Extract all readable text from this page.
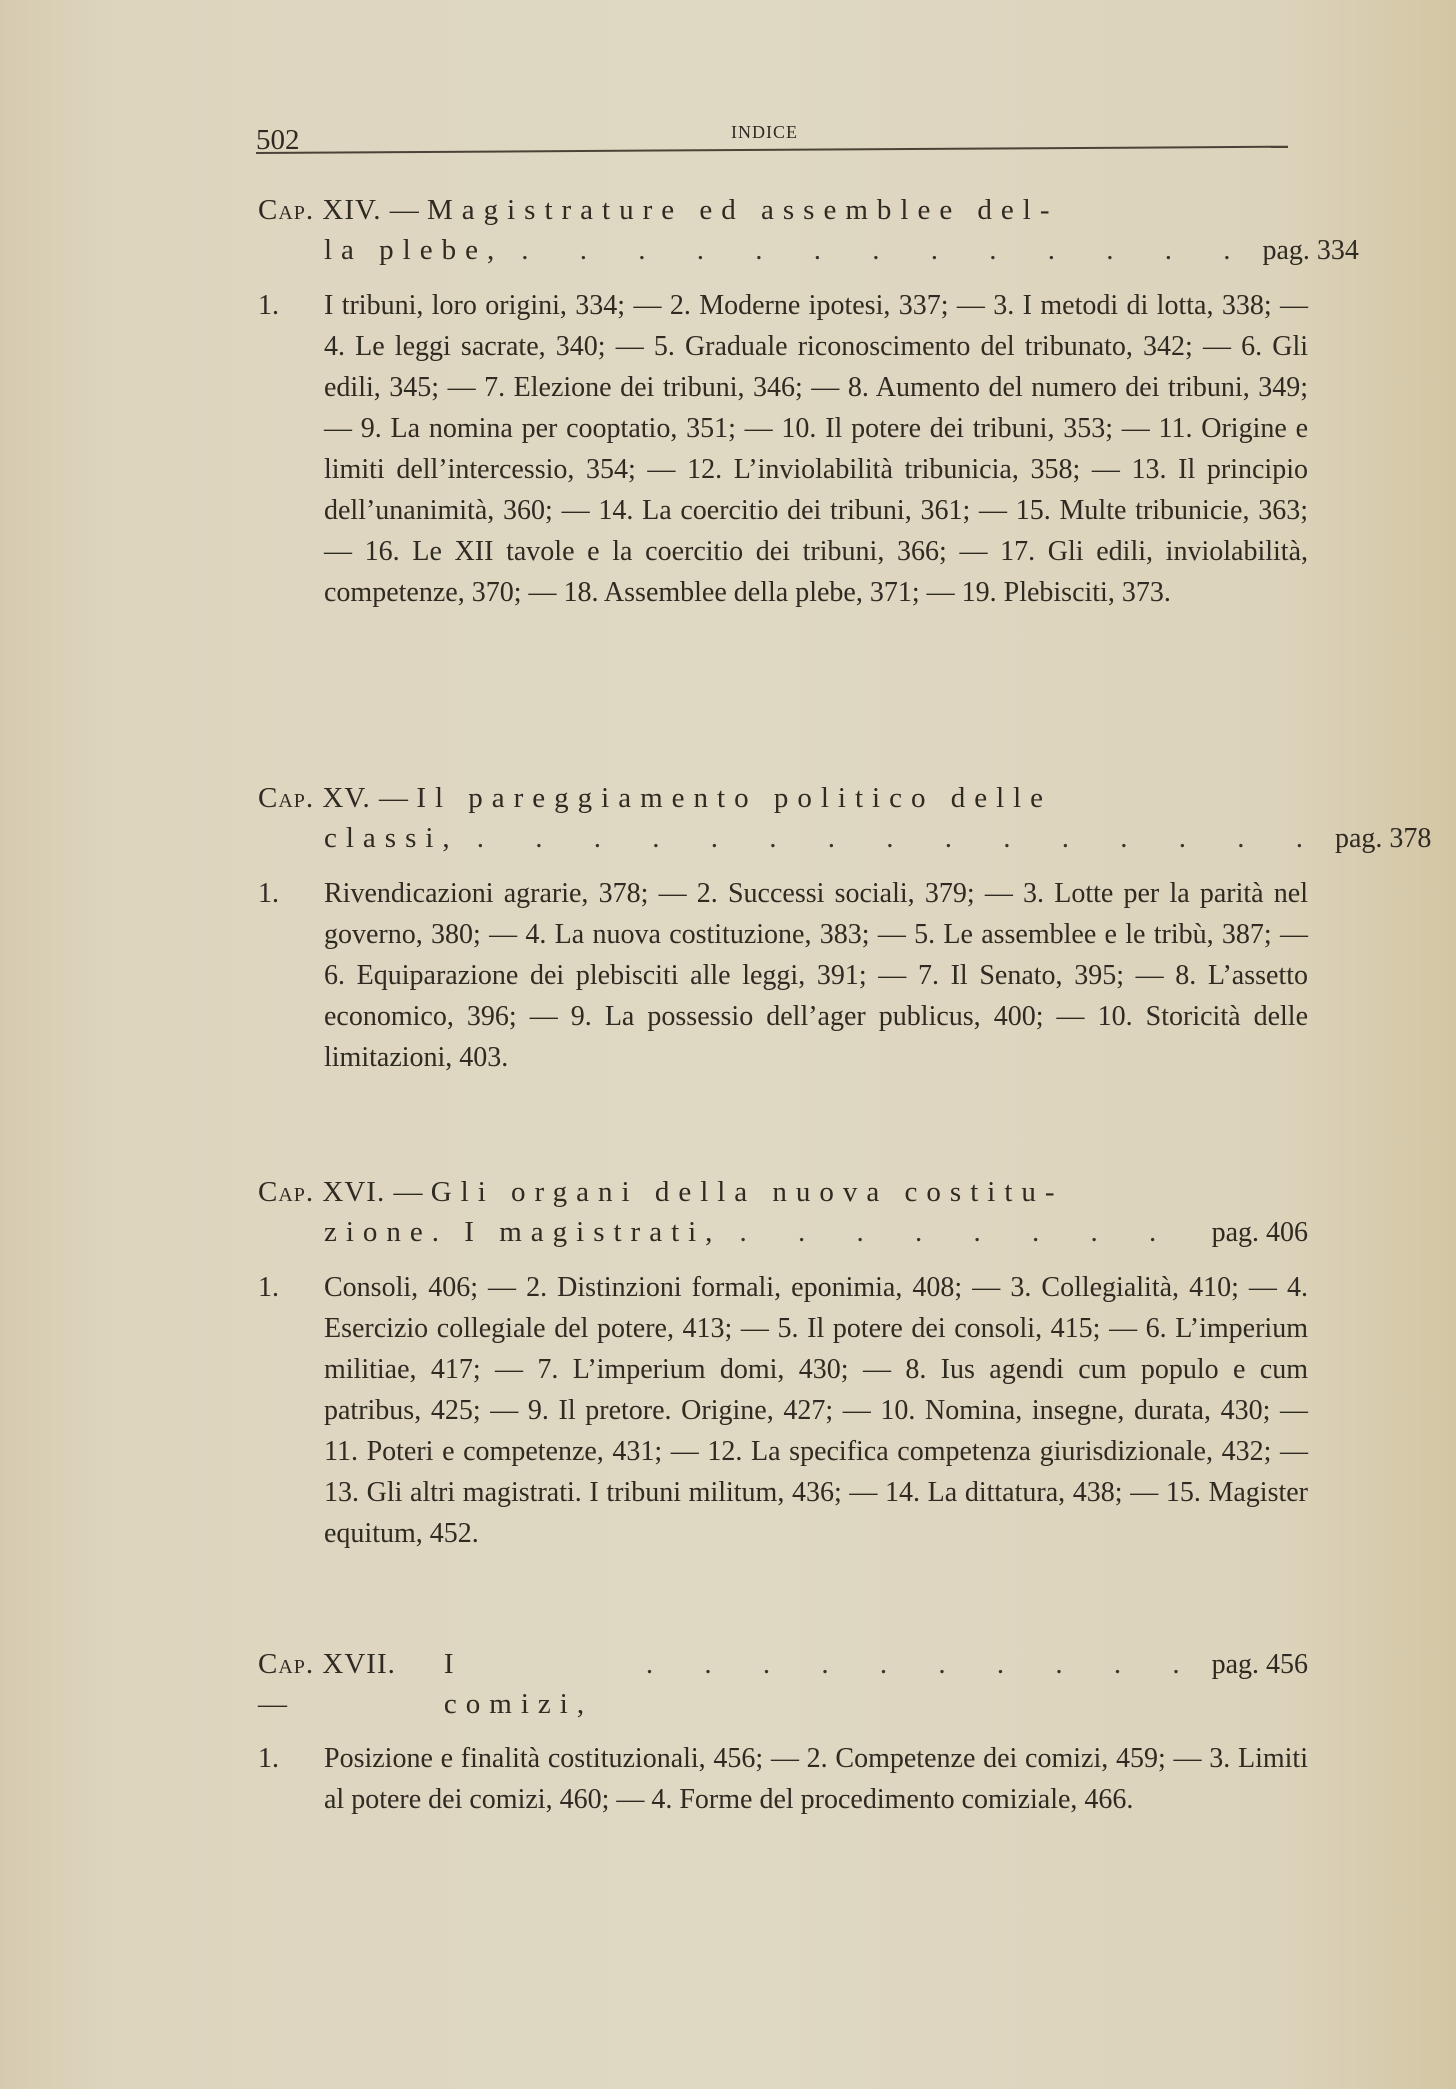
502	INDICE
Cap. XIV. — Magistrature ed assemblee del-
la plebe, . . . . . . . . . . . . . pag. 334
1. I tribuni, loro origini, 334; — 2. Moderne ipotesi, 337; — 3. I metodi di lotta, 338; — 4. Le leggi sacrate, 340; — 5. Graduale riconoscimento del tribunato, 342; — 6. Gli edili, 345; — 7. Elezione dei tribuni, 346; — 8. Aumento del numero dei tribuni, 349; — 9. La nomina per cooptatio, 351; — 10. Il potere dei tribuni, 353; — 11. Origine e limiti dell’intercessio, 354; — 12. L’inviolabilità tribunicia, 358; — 13. Il principio dell’unanimità, 360; — 14. La coercitio dei tribuni, 361; — 15. Multe tribunicie, 363; — 16. Le XII tavole e la coercitio dei tribuni, 366; — 17. Gli edili, inviolabilità, competenze, 370; — 18. Assemblee della plebe, 371; — 19. Plebisciti, 373.
Cap. XV. — Il pareggiamento politico delle
classi, . . . . . . . . . . . . . . . pag. 378
1. Rivendicazioni agrarie, 378; — 2. Successi sociali, 379; — 3. Lotte per la parità nel governo, 380; — 4. La nuova costituzione, 383; — 5. Le assemblee e le tribù, 387; — 6. Equiparazione dei plebisciti alle leggi, 391; — 7. Il Senato, 395; — 8. L’assetto economico, 396; — 9. La possessio dell’ager publicus, 400; — 10. Storicità delle limitazioni, 403.
Cap. XVI. — Gli organi della nuova costitu-
zione. I magistrati, . . . . . . . .	pag. 406
1. Consoli, 406; — 2. Distinzioni formali, eponimia, 408; — 3. Collegialità, 410; — 4. Esercizio collegiale del potere, 413; — 5. Il potere dei consoli, 415; — 6. L’imperium militiae, 417; — 7. L’imperium domi, 430; — 8. Ius agendi cum populo e cum patribus, 425; — 9. Il pretore. Origine, 427; — 10. Nomina, insegne, durata, 430; — 11. Poteri e competenze, 431; — 12. La specifica competenza giurisdizionale, 432; — 13. Gli altri magistrati. I tribuni militum, 436; — 14. La dittatura, 438; — 15. Magister equitum, 452.
Cap. XVII. —
I comizi,
. . . . . . . . . . pag. 456
1. Posizione e finalità costituzionali, 456; — 2. Competenze dei comizi, 459; — 3. Limiti al potere dei comizi, 460; — 4. Forme del procedimento comiziale, 466.
